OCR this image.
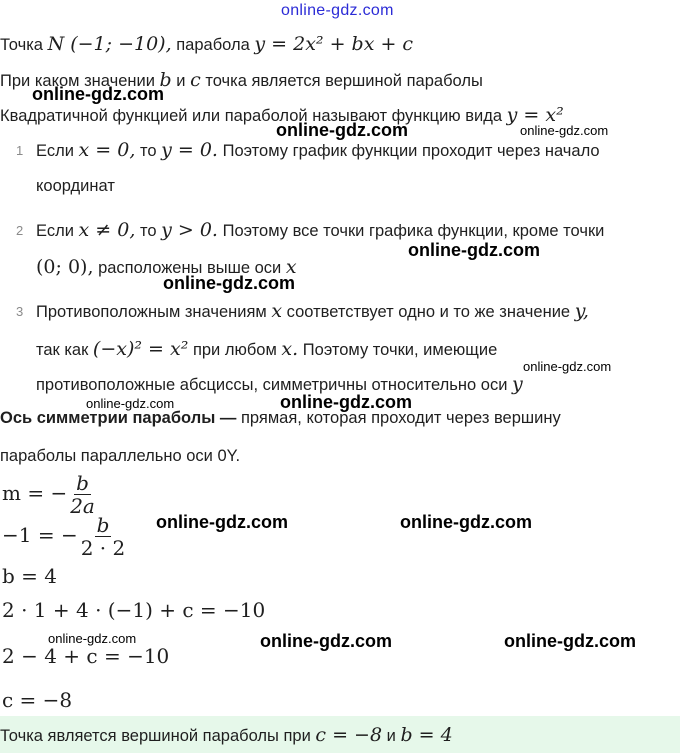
online-gdz.com
Точка N (−1; −10), парабола y = 2x² + bx + c
При каком значении b и c точка является вершиной параболы
online-gdz.com
Квадратичной функцией или параболой называют функцию вида y = x²
online-gdz.com	online-gdz.com
1 Если x = 0, то y = 0. Поэтому график функции проходит через начало
координат
2 Если x ≠ 0, то y > 0. Поэтому все точки графика функции, кроме точки
(0; 0), расположены выше оси x
online-gdz.com
online-gdz.com
3 Противоположным значениям x соответствует одно и то же значение y,
так как (−x)² = x² при любом x. Поэтому точки, имеющие
противоположные абсциссы, симметричны относительно оси y
online-gdz.com
online-gdz.com	online-gdz.com
Ось симметрии параболы — прямая, которая проходит через вершину
параболы параллельно оси 0Y.
m = − $\frac{b}{2a}$
−1 = − $\frac{b}{2 \cdot 2}$ online-gdz.com	online-gdz.com
b = 4
2 · 1 + 4 · (−1) + c = −10
online-gdz.com	online-gdz.com	online-gdz.com
2 − 4 + c = −10
c = −8
Точка является вершиной параболы при c = −8 и b = 4
